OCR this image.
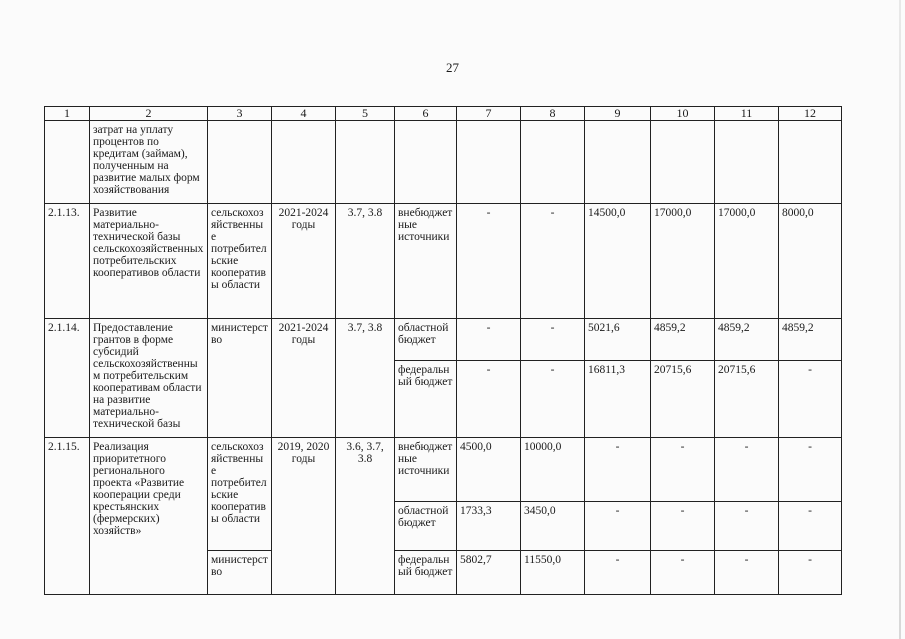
27
1	2	3	4	5	6	7	8	9	10	11	12
	затрат на уплату процентов по кредитам (займам), полученным на развитие малых форм хозяйствования										
2.1.13.	Развитие материально-технической базы сельскохозяйственных потребительских кооперативов области	сельскохозяйственные потребительские кооперативы области	2021-2024 годы	3.7, 3.8	внебюджетные источники	-	-	14500,0	17000,0	17000,0	8000,0
2.1.14.	Предоставление грантов в форме субсидий сельскохозяйственным потребительским кооперативам области на развитие материально-технической базы	министерство	2021-2024 годы	3.7, 3.8	областной бюджет	-	-	5021,6	4859,2	4859,2	4859,2
					федеральный бюджет	-	-	16811,3	20715,6	20715,6	-
2.1.15.	Реализация приоритетного регионального проекта «Развитие кооперации среди крестьянских (фермерских) хозяйств»	сельскохозяйственные потребительские кооперативы области	2019, 2020 годы	3.6, 3.7, 3.8	внебюджетные источники	4500,0	10000,0	-	-	-	-
					областной бюджет	1733,3	3450,0	-	-	-	-
		министерство			федеральный бюджет	5802,7	11550,0	-	-	-	-
